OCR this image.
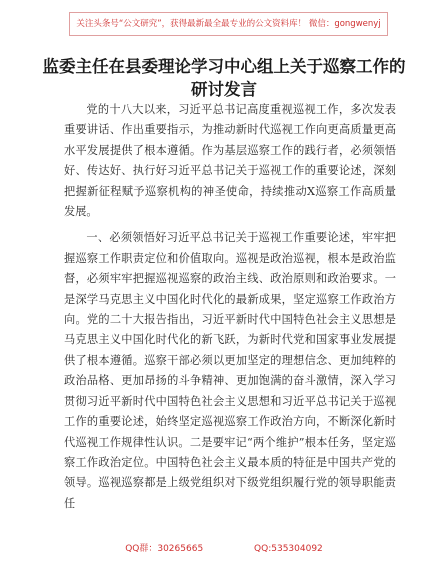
关注头条号“公文研究”，获得最新最全最专业的公文资料库！ 微信：gongwenyj
监委主任在县委理论学习中心组上关于巡察工作的研讨发言

党的十八大以来，习近平总书记高度重视巡视工作，多次发表重要讲话、作出重要指示，为推动新时代巡视工作向更高质量更高水平发展提供了根本遵循。作为基层巡察工作的践行者，必须领悟好、传达好、执行好习近平总书记关于巡视工作的重要论述，深刻把握新征程赋予巡察机构的神圣使命，持续推动X巡察工作高质量发展。

一、必须领悟好习近平总书记关于巡视工作重要论述，牢牢把握巡察工作职责定位和价值取向。巡视是政治巡视，根本是政治监督，必须牢牢把握巡视巡察的政治主线、政治原则和政治要求。一是深学马克思主义中国化时代化的最新成果，坚定巡察工作政治方向。党的二十大报告指出，习近平新时代中国特色社会主义思想是马克思主义中国化时代化的新飞跃，为新时代党和国家事业发展提供了根本遵循。巡察干部必须以更加坚定的理想信念、更加纯粹的政治品格、更加昂扬的斗争精神、更加饱满的奋斗激情，深入学习贯彻习近平新时代中国特色社会主义思想和习近平总书记关于巡视工作的重要论述，始终坚定巡视巡察工作政治方向，不断深化新时代巡视工作规律性认识。二是要牢记“两个维护”根本任务，坚定巡察工作政治定位。中国特色社会主义最本质的特征是中国共产党的领导。巡视巡察都是上级党组织对下级党组织履行党的领导职能责任

QQ群：30265665	QQ:535304092
